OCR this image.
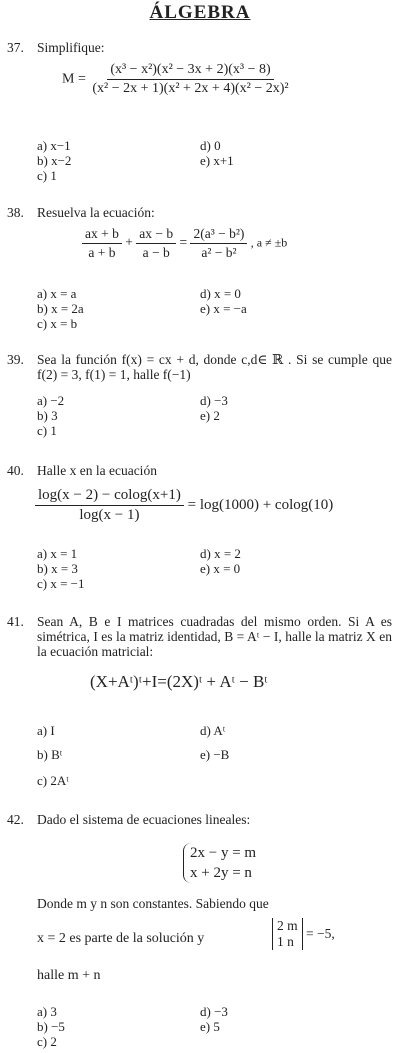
ÁLGEBRA
37. Simplifique:
$M = \frac{\text{(x³ − x²)(x² − 3x + 2)(x³ − 8)}}{\text{(x² − 2x + 1)(x² + 2x + 4)(x² − 2x)²}}$
a) x−1	d) 0
b) x−2	e) x+1
c) 1
38. Resuelva la ecuación:
$\frac{ax + b}{a + b} + \frac{ax - b}{a - b} = \frac{\text{2(a³ − b²)}}{\text{a² − b²}}$ , a ≠ ±b
a) x = a	d) x = 0
b) x = 2a	e) x = −a
c) x = b
39. Sea la función f(x) = cx + d, donde c,d∈ ℝ . Si se cumple que f(2) = 3, f(1) = 1, halle f(−1)
a) −2	d) −3
b) 3	e) 2
c) 1
40. Halle x en la ecuación
$\frac{\log(x - 2) - colog(x+1)}{\log(x - 1)} = \log(1000) + colog(10)$
a) x = 1	d) x = 2
b) x = 3	e) x = 0
c) x = −1
41. Sean A, B e I matrices cuadradas del mismo orden. Si A es simétrica, I es la matriz identidad, B = Aᵗ − I, halle la matriz X en la ecuación matricial:
(X+Aᵗ)ᵗ+I=(2X)ᵗ + Aᵗ − Bᵗ
a) I	d) Aᵗ
b) Bᵗ	e) −B
c) 2Aᵗ
42. Dado el sistema de ecuaciones lineales:
2x − y = m
x + 2y = n
Donde m y n son constantes. Sabiendo que
x = 2 es parte de la solución y
2 m
1 n = −5,
halle m + n
a) 3	d) −3
b) −5	e) 5
c) 2
